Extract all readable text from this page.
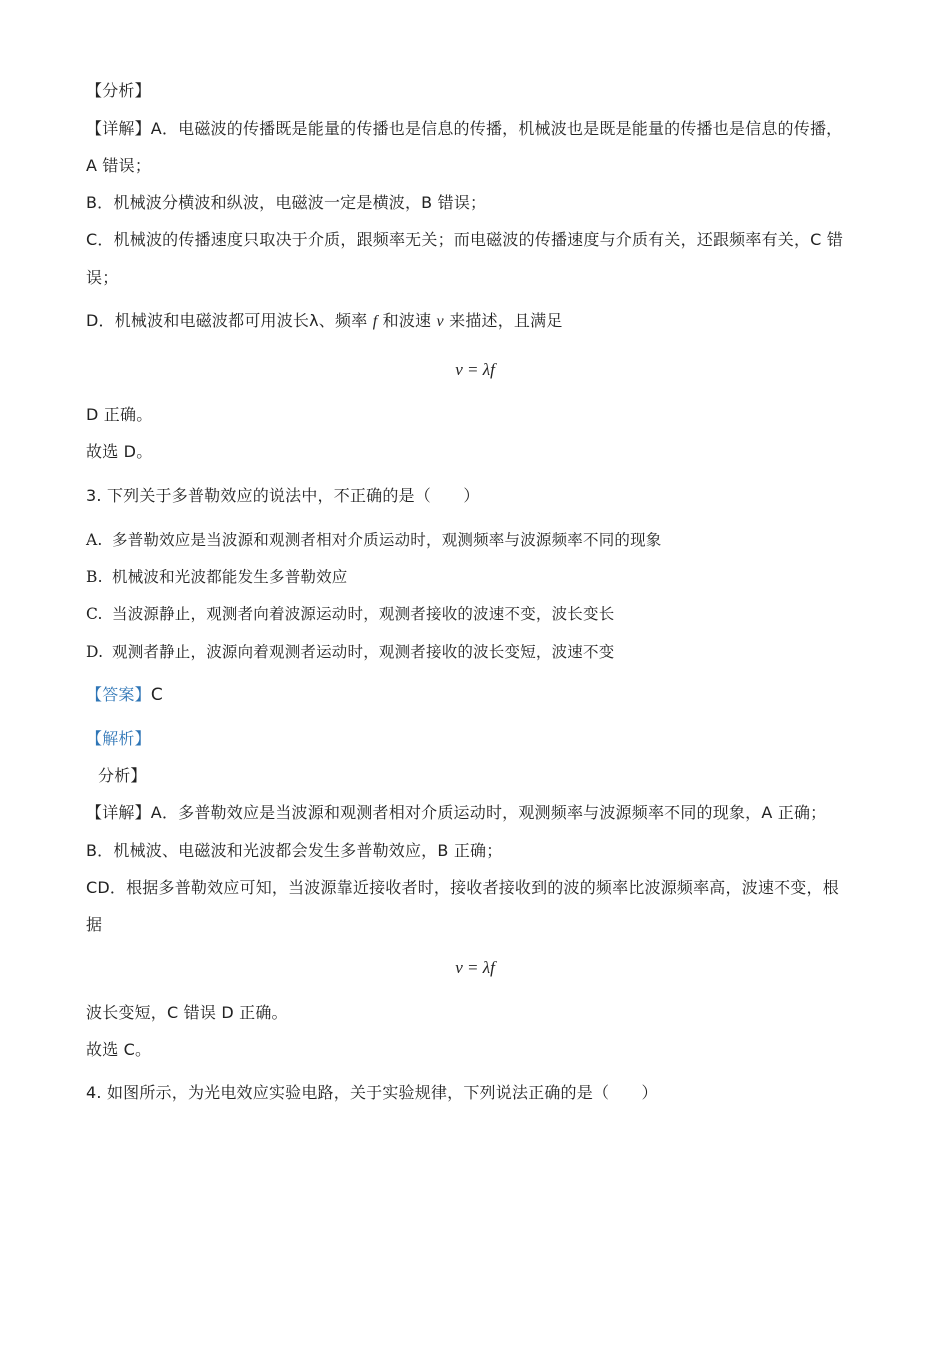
【分析】
【详解】A．电磁波的传播既是能量的传播也是信息的传播，机械波也是既是能量的传播也是信息的传播，
A 错误；
B．机械波分横波和纵波，电磁波一定是横波，B 错误；
C．机械波的传播速度只取决于介质，跟频率无关；而电磁波的传播速度与介质有关，还跟频率有关，C 错
误；
D．机械波和电磁波都可用波长λ、频率 f 和波速 v 来描述，且满足
v = λf
D 正确。
故选 D。
3. 下列关于多普勒效应的说法中，不正确的是（　　）
A. 多普勒效应是当波源和观测者相对介质运动时，观测频率与波源频率不同的现象
B. 机械波和光波都能发生多普勒效应
C. 当波源静止，观测者向着波源运动时，观测者接收的波速不变，波长变长
D. 观测者静止，波源向着观测者运动时，观测者接收的波长变短，波速不变
【答案】C
【解析】
分析】
【详解】A．多普勒效应是当波源和观测者相对介质运动时，观测频率与波源频率不同的现象，A 正确；
B．机械波、电磁波和光波都会发生多普勒效应，B 正确；
CD．根据多普勒效应可知，当波源靠近接收者时，接收者接收到的波的频率比波源频率高，波速不变，根
据
v = λf
波长变短，C 错误 D 正确。
故选 C。
4. 如图所示，为光电效应实验电路，关于实验规律，下列说法正确的是（　　）
